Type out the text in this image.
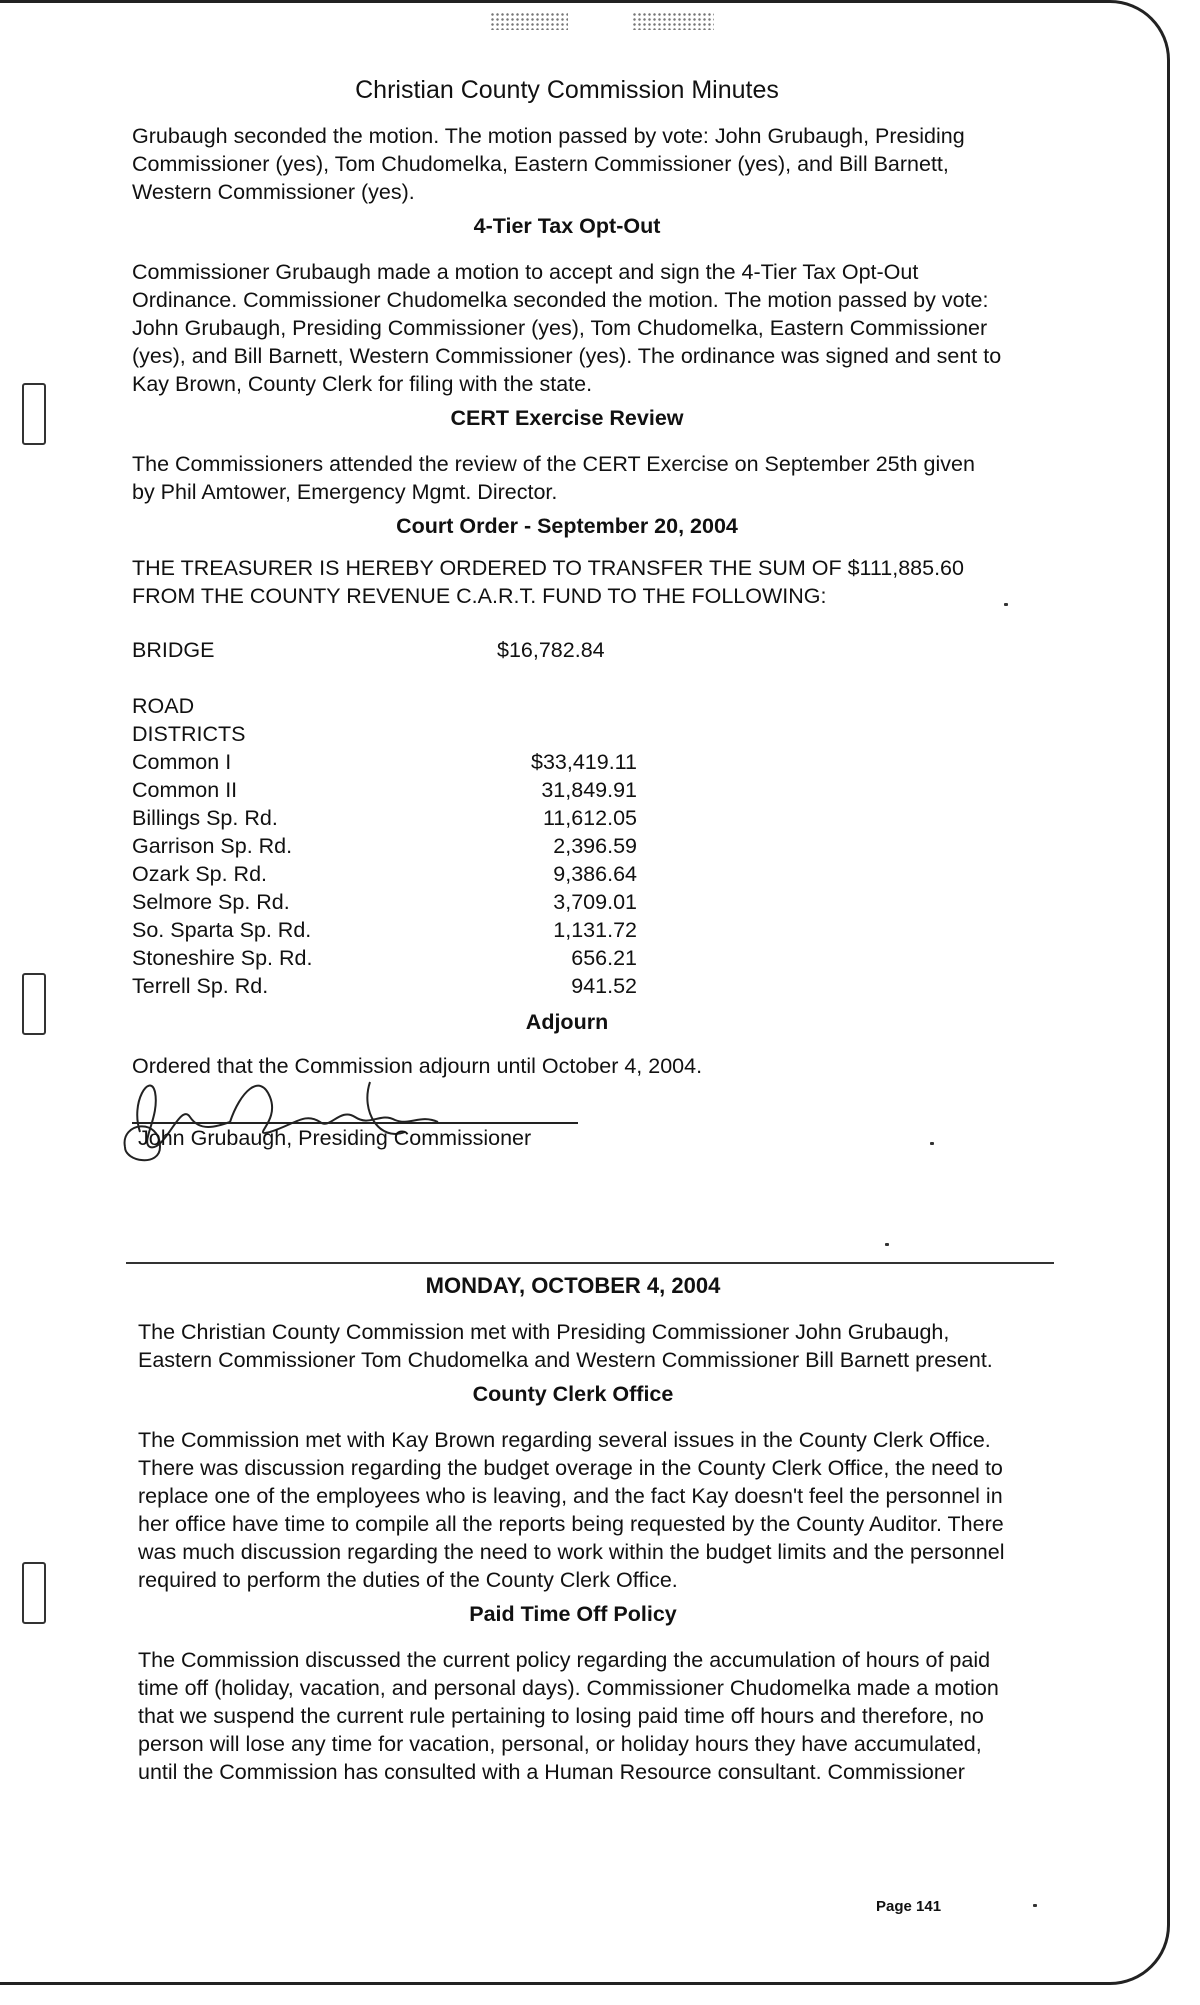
Christian County Commission Minutes

Grubaugh seconded the motion. The motion passed by vote: John Grubaugh, Presiding Commissioner (yes), Tom Chudomelka, Eastern Commissioner (yes), and Bill Barnett, Western Commissioner (yes).

4-Tier Tax Opt-Out

Commissioner Grubaugh made a motion to accept and sign the 4-Tier Tax Opt-Out Ordinance. Commissioner Chudomelka seconded the motion. The motion passed by vote: John Grubaugh, Presiding Commissioner (yes), Tom Chudomelka, Eastern Commissioner (yes), and Bill Barnett, Western Commissioner (yes). The ordinance was signed and sent to Kay Brown, County Clerk for filing with the state.

CERT Exercise Review

The Commissioners attended the review of the CERT Exercise on September 25th given by Phil Amtower, Emergency Mgmt. Director.

Court Order - September 20, 2004

THE TREASURER IS HEREBY ORDERED TO TRANSFER THE SUM OF $111,885.60 FROM THE COUNTY REVENUE C.A.R.T. FUND TO THE FOLLOWING:

BRIDGE	$16,782.84

ROAD	
DISTRICTS	
Common I	$33,419.11
Common II	31,849.91
Billings Sp. Rd.	11,612.05
Garrison Sp. Rd.	2,396.59
Ozark Sp. Rd.	9,386.64
Selmore Sp. Rd.	3,709.01
So. Sparta Sp. Rd.	1,131.72
Stoneshire Sp. Rd.	656.21
Terrell Sp. Rd.	941.52
Adjourn

Ordered that the Commission adjourn until October 4, 2004.

John Grubaugh, Presiding Commissioner
MONDAY, OCTOBER 4, 2004

The Christian County Commission met with Presiding Commissioner John Grubaugh, Eastern Commissioner Tom Chudomelka and Western Commissioner Bill Barnett present.

County Clerk Office

The Commission met with Kay Brown regarding several issues in the County Clerk Office. There was discussion regarding the budget overage in the County Clerk Office, the need to replace one of the employees who is leaving, and the fact Kay doesn't feel the personnel in her office have time to compile all the reports being requested by the County Auditor. There was much discussion regarding the need to work within the budget limits and the personnel required to perform the duties of the County Clerk Office.

Paid Time Off Policy

The Commission discussed the current policy regarding the accumulation of hours of paid time off (holiday, vacation, and personal days). Commissioner Chudomelka made a motion that we suspend the current rule pertaining to losing paid time off hours and therefore, no person will lose any time for vacation, personal, or holiday hours they have accumulated, until the Commission has consulted with a Human Resource consultant. Commissioner

Page 141
